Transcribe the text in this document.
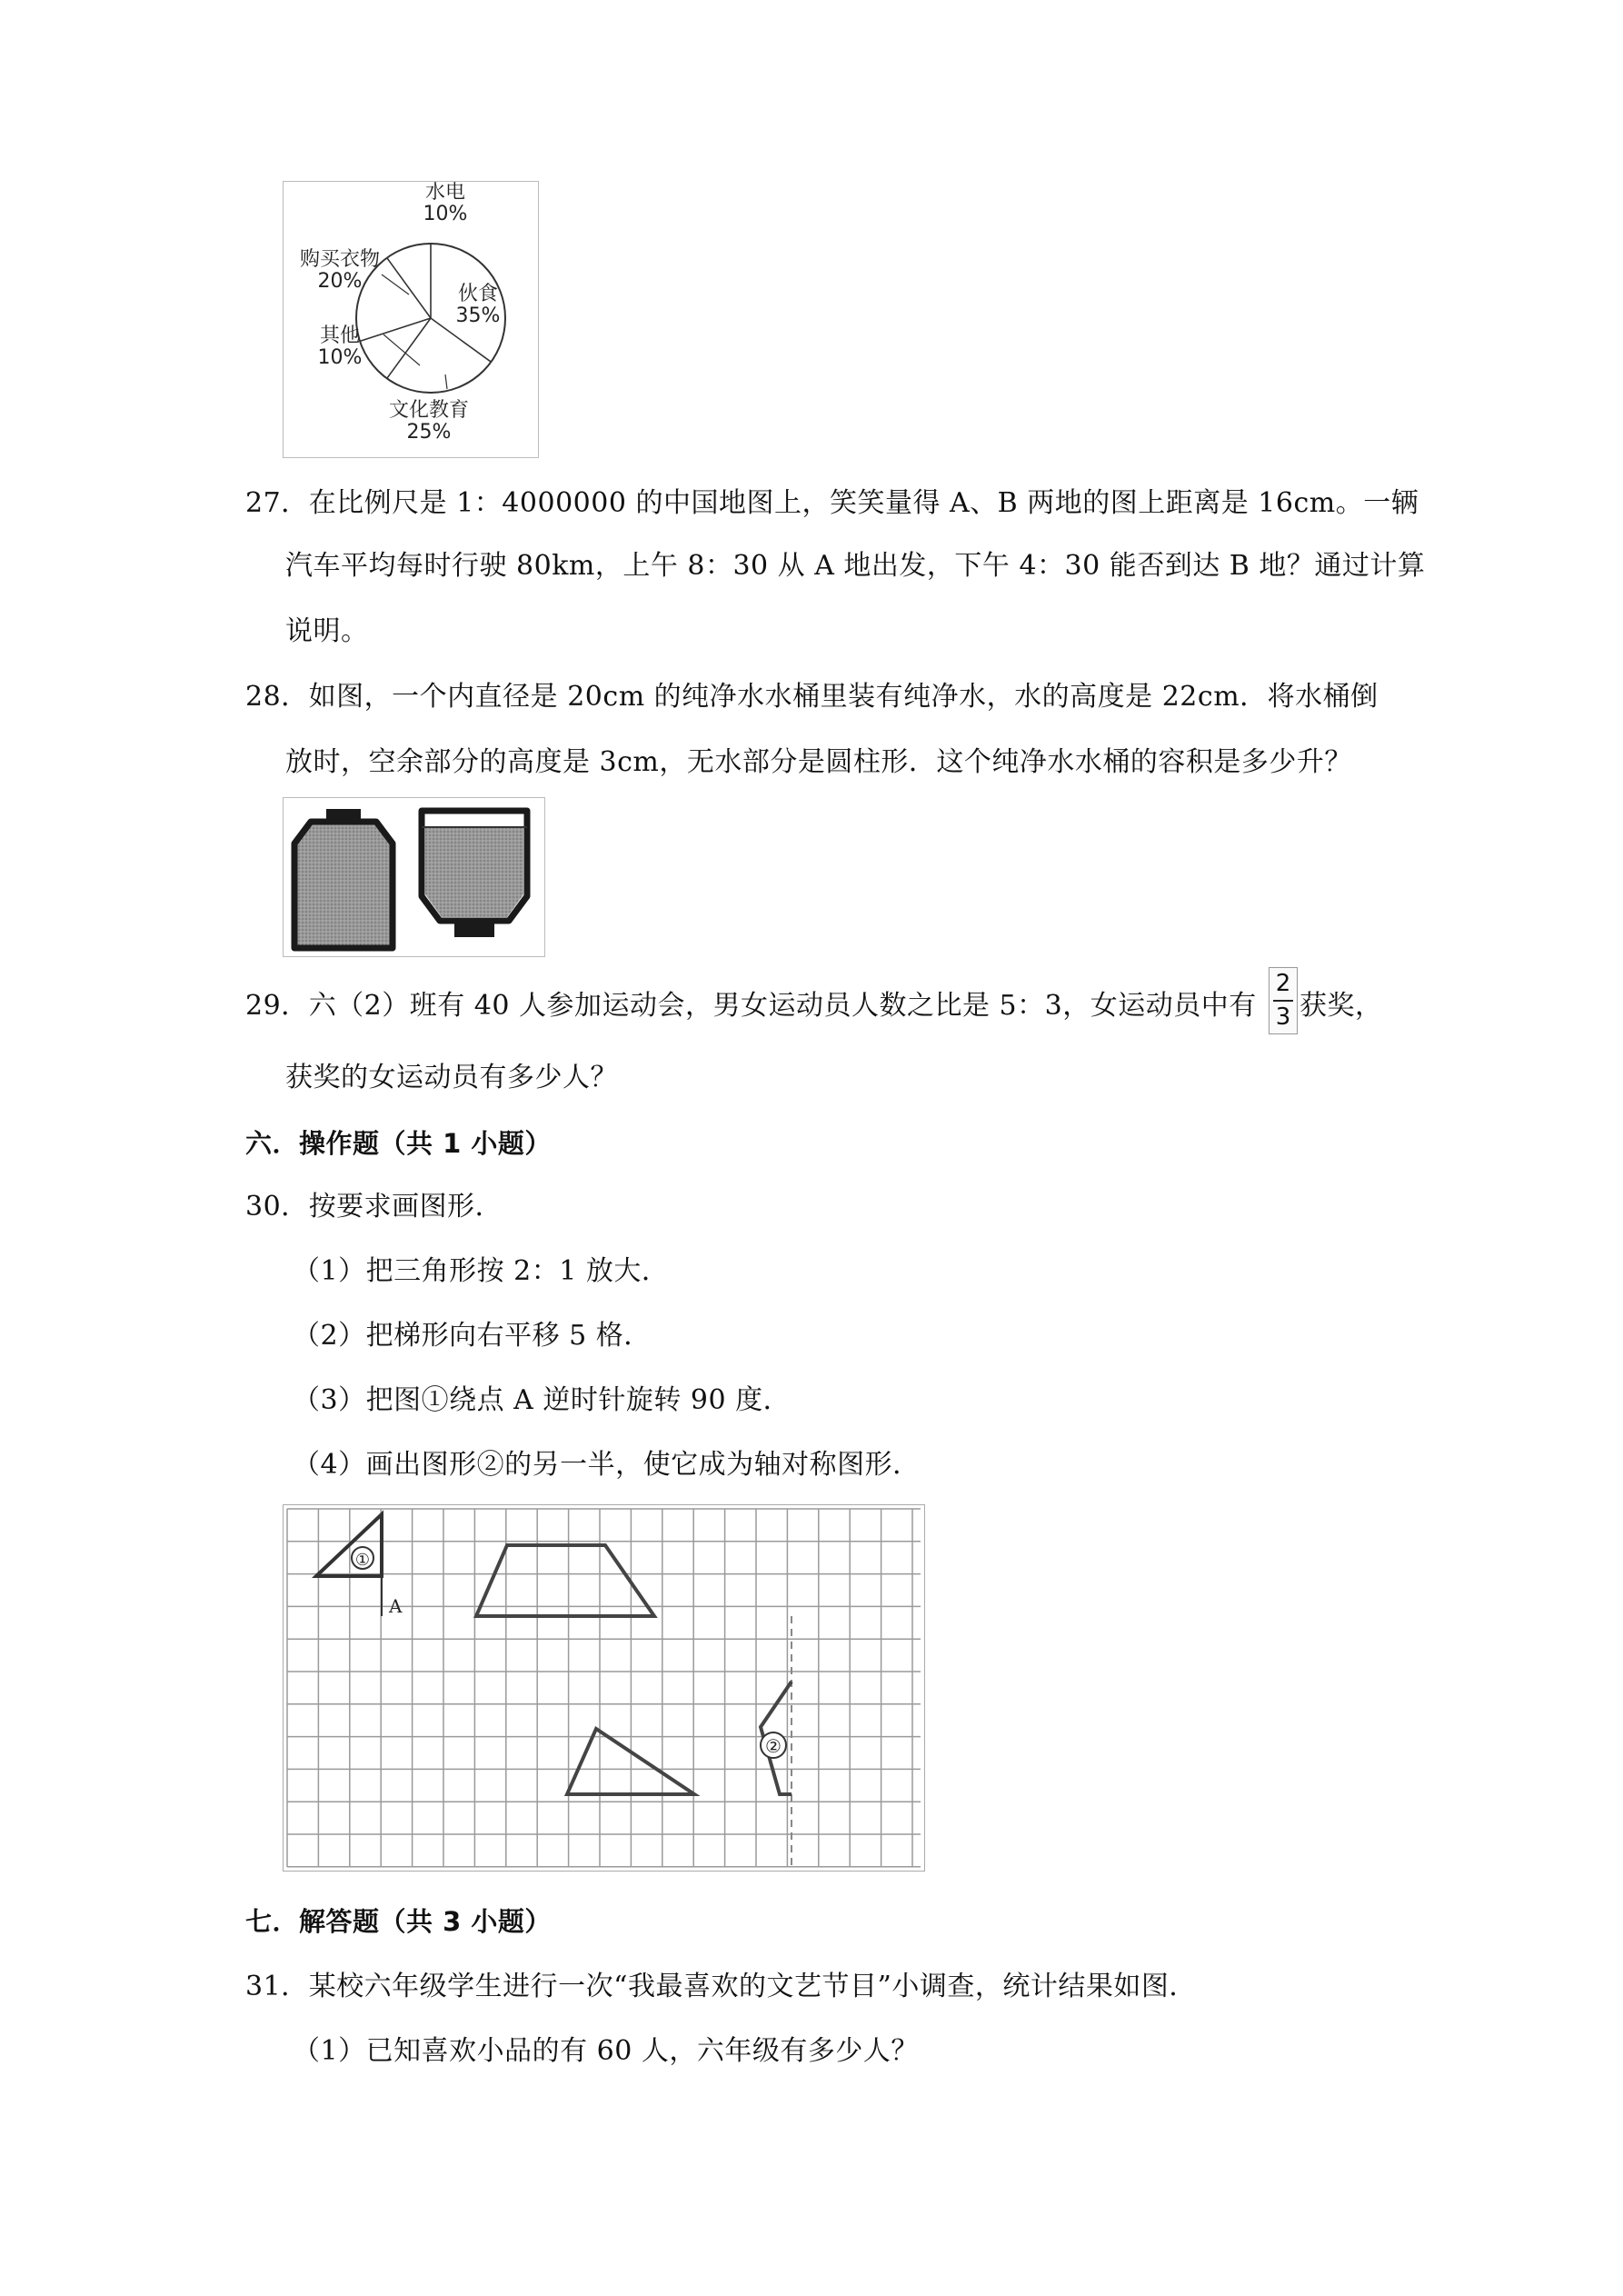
水电
10%
伙食
35%
文化教育
25%
其他
10%
购买衣物
20%
27．在比例尺是 1：4000000 的中国地图上，笑笑量得 A、B 两地的图上距离是 16cm。一辆
汽车平均每时行驶 80km，上午 8：30 从 A 地出发，下午 4：30 能否到达 B 地？通过计算
说明。
28．如图，一个内直径是 20cm 的纯净水水桶里装有纯净水，水的高度是 22cm．将水桶倒
放时，空余部分的高度是 3cm，无水部分是圆柱形．这个纯净水水桶的容积是多少升？
29．六（2）班有 40 人参加运动会，男女运动员人数之比是 5：3，女运动员中有
2
3 获奖，
获奖的女运动员有多少人？
六．操作题（共 1 小题）
30．按要求画图形．
（1）把三角形按 2：1 放大．
（2）把梯形向右平移 5 格．
（3）把图①绕点 A 逆时针旋转 90 度．
（4）画出图形②的另一半，使它成为轴对称图形．
①
A
②
七．解答题（共 3 小题）
31．某校六年级学生进行一次“我最喜欢的文艺节目”小调查，统计结果如图．
（1）已知喜欢小品的有 60 人，六年级有多少人？
